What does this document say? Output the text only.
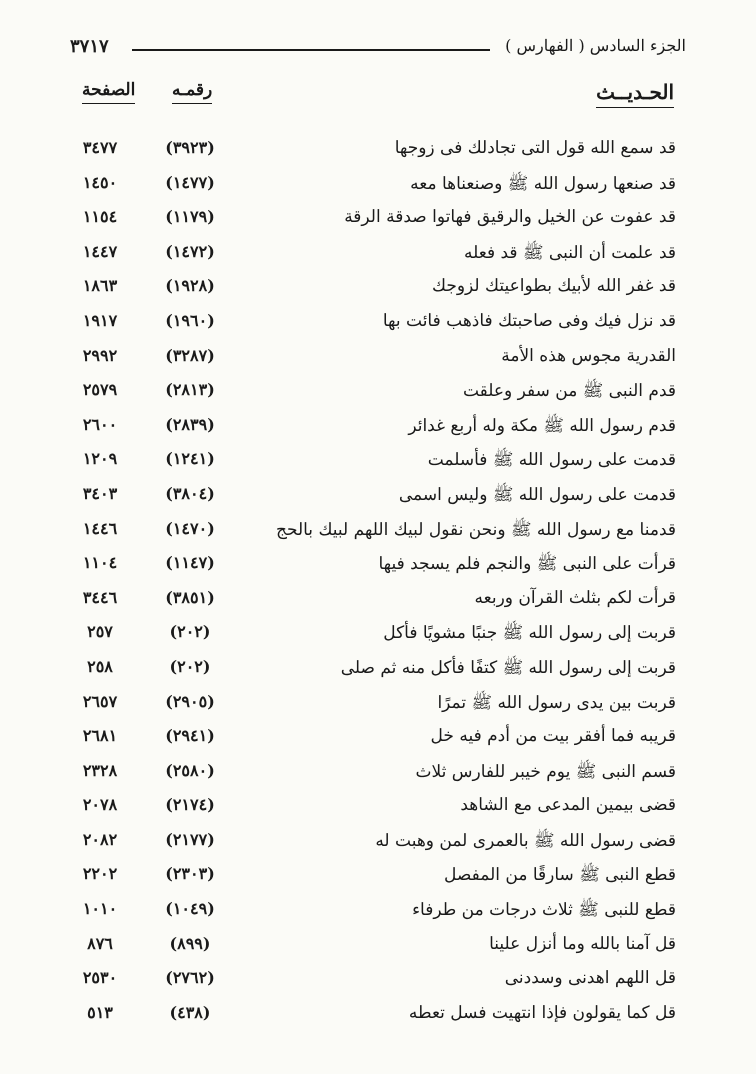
الجزء السادس ( الفهارس )
٣٧١٧
الحـديــث
رقمـه
الصفحة
قد سمع الله قول التى تجادلك فى زوجها
(٣٩٢٣)
٣٤٧٧
قد صنعها رسول الله ﷺ وصنعناها معه
(١٤٧٧)
١٤٥٠
قد عفوت عن الخيل والرقيق فهاتوا صدقة الرقة
(١١٧٩)
١١٥٤
قد علمت أن النبى ﷺ قد فعله
(١٤٧٢)
١٤٤٧
قد غفر الله لأبيك بطواعيتك لزوجك
(١٩٢٨)
١٨٦٣
قد نزل فيك وفى صاحبتك فاذهب فائت بها
(١٩٦٠)
١٩١٧
القدرية مجوس هذه الأمة
(٣٢٨٧)
٢٩٩٢
قدم النبى ﷺ من سفر وعلقت
(٢٨١٣)
٢٥٧٩
قدم رسول الله ﷺ مكة وله أربع غدائر
(٢٨٣٩)
٢٦٠٠
قدمت على رسول الله ﷺ فأسلمت
(١٢٤١)
١٢٠٩
قدمت على رسول الله ﷺ وليس اسمى
(٣٨٠٤)
٣٤٠٣
قدمنا مع رسول الله ﷺ ونحن نقول لبيك اللهم لبيك بالحج
(١٤٧٠)
١٤٤٦
قرأت على النبى ﷺ والنجم فلم يسجد فيها
(١١٤٧)
١١٠٤
قرأت لكم بثلث القرآن وربعه
(٣٨٥١)
٣٤٤٦
قربت إلى رسول الله ﷺ جنبًا مشويًا فأكل
(٢٠٢)
٢٥٧
قربت إلى رسول الله ﷺ كتفًا فأكل منه ثم صلى
(٢٠٢)
٢٥٨
قربت بين يدى رسول الله ﷺ تمرًا
(٢٩٠٥)
٢٦٥٧
قريبه فما أفقر بيت من أدم فيه خل
(٢٩٤١)
٢٦٨١
قسم النبى ﷺ يوم خيبر للفارس ثلاث
(٢٥٨٠)
٢٣٢٨
قضى بيمين المدعى مع الشاهد
(٢١٧٤)
٢٠٧٨
قضى رسول الله ﷺ بالعمرى لمن وهبت له
(٢١٧٧)
٢٠٨٢
قطع النبى ﷺ سارقًا من المفصل
(٢٣٠٣)
٢٢٠٢
قطع للنبى ﷺ ثلاث درجات من طرفاء
(١٠٤٩)
١٠١٠
قل آمنا بالله وما أنزل علينا
(٨٩٩)
٨٧٦
قل اللهم اهدنى وسددنى
(٢٧٦٢)
٢٥٣٠
قل كما يقولون فإذا انتهيت فسل تعطه
(٤٣٨)
٥١٣
